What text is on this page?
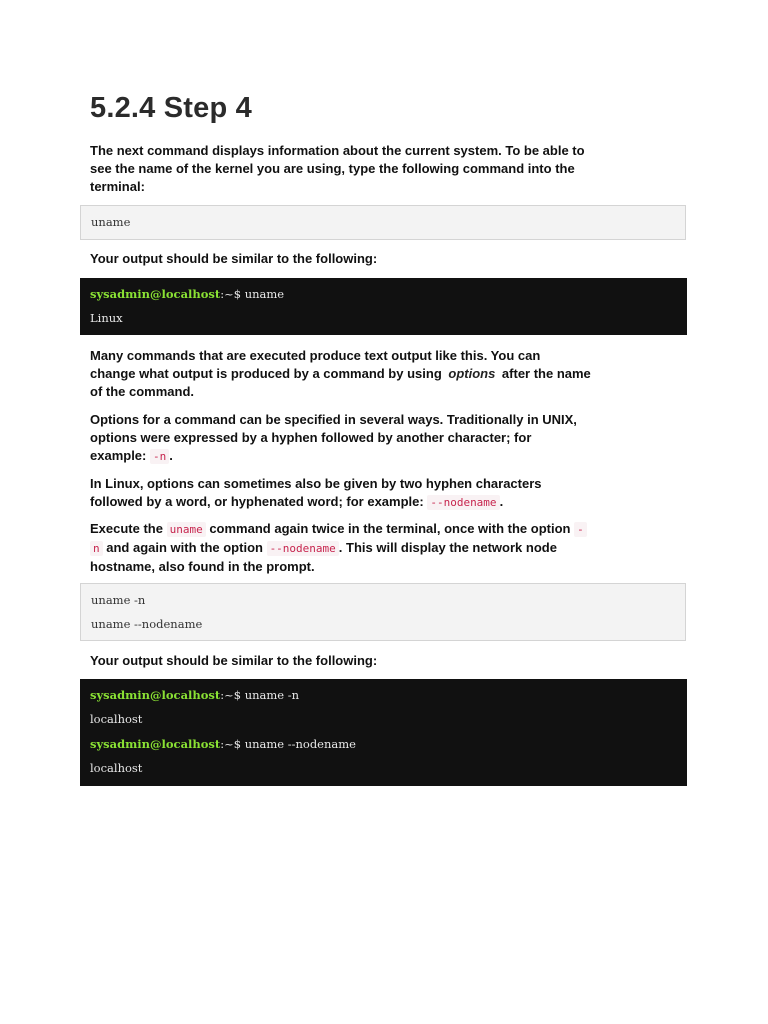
5.2.4 Step 4
The next command displays information about the current system. To be able to
see the name of the kernel you are using, type the following command into the
terminal:
uname
Your output should be similar to the following:
sysadmin@localhost:~$ uname
Linux
Many commands that are executed produce text output like this. You can
change what output is produced by a command by using options after the name
of the command.
Options for a command can be specified in several ways. Traditionally in UNIX,
options were expressed by a hyphen followed by another character; for
example: -n .
In Linux, options can sometimes also be given by two hyphen characters
followed by a word, or hyphenated word; for example: --nodename .
Execute the uname command again twice in the terminal, once with the option -
n and again with the option --nodename . This will display the network node
hostname, also found in the prompt.
uname -n
uname --nodename
Your output should be similar to the following:
sysadmin@localhost:~$ uname -n
localhost
sysadmin@localhost:~$ uname --nodename
localhost
